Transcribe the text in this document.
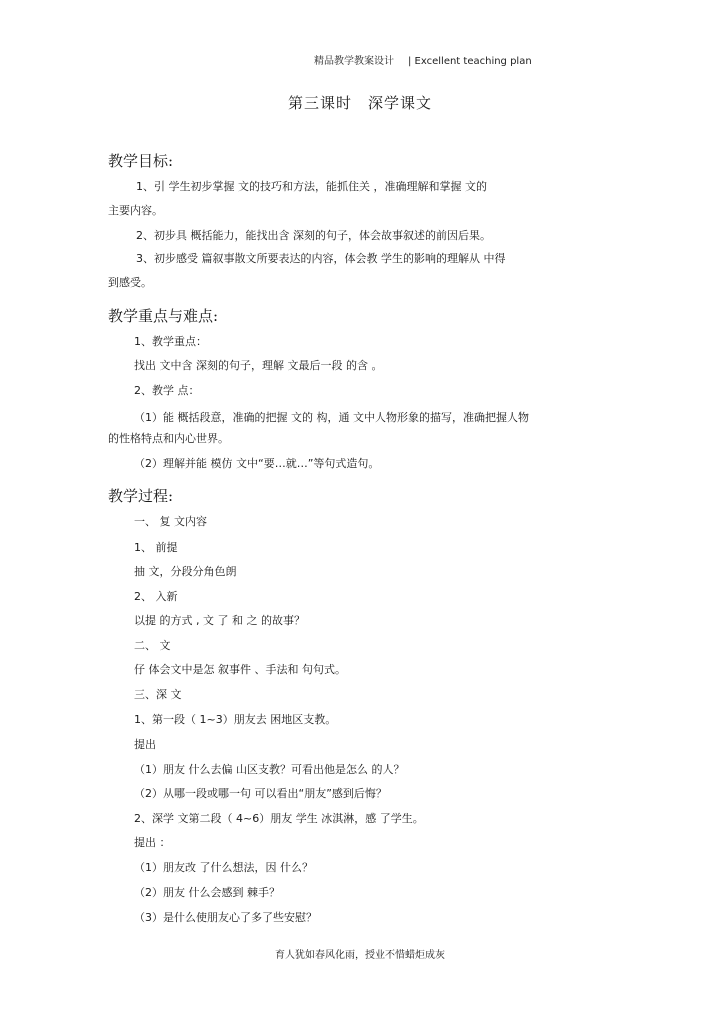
精品教学教案设计 | Excellent teaching plan
第三课时 深学课文
教学目标:
1、引 学生初步掌握 文的技巧和方法，能抓住关 ，准确理解和掌握 文的
主要内容。
2、初步具 概括能力，能找出含 深刻的句子，体会故事叙述的前因后果。
3、初步感受 篇叙事散文所要表达的内容，体会教 学生的影响的理解从 中得
到感受。
教学重点与难点:
1、教学重点：
找出 文中含 深刻的句子，理解 文最后一段 的含 。
2、教学 点：
（1）能 概括段意，准确的把握 文的 构，通 文中人物形象的描写，准确把握人物
的性格特点和内心世界。
（2）理解并能 模仿 文中“要…就…”等句式造句。
教学过程:
一、 复 文内容
1、 前提
抽 文，分段分角色朗
2、 入新
以提 的方式 , 文 了 和 之 的故事？
二、 文
仔 体会文中是怎 叙事件 、手法和 句句式。
三、深 文
1、第一段（ 1~3）朋友去 困地区支教。
提出
（1）朋友 什么去偏 山区支教？可看出他是怎么 的人？
（2）从哪一段或哪一句 可以看出“朋友”感到后悔？
2、深学 文第二段（ 4~6）朋友 学生 冰淇淋，感 了学生。
提出 ：
（1）朋友改 了什么想法，因 什么？
（2）朋友 什么会感到 棘手？
（3）是什么使朋友心了多了些安慰？
育人犹如春风化雨，授业不惜蜡炬成灰
